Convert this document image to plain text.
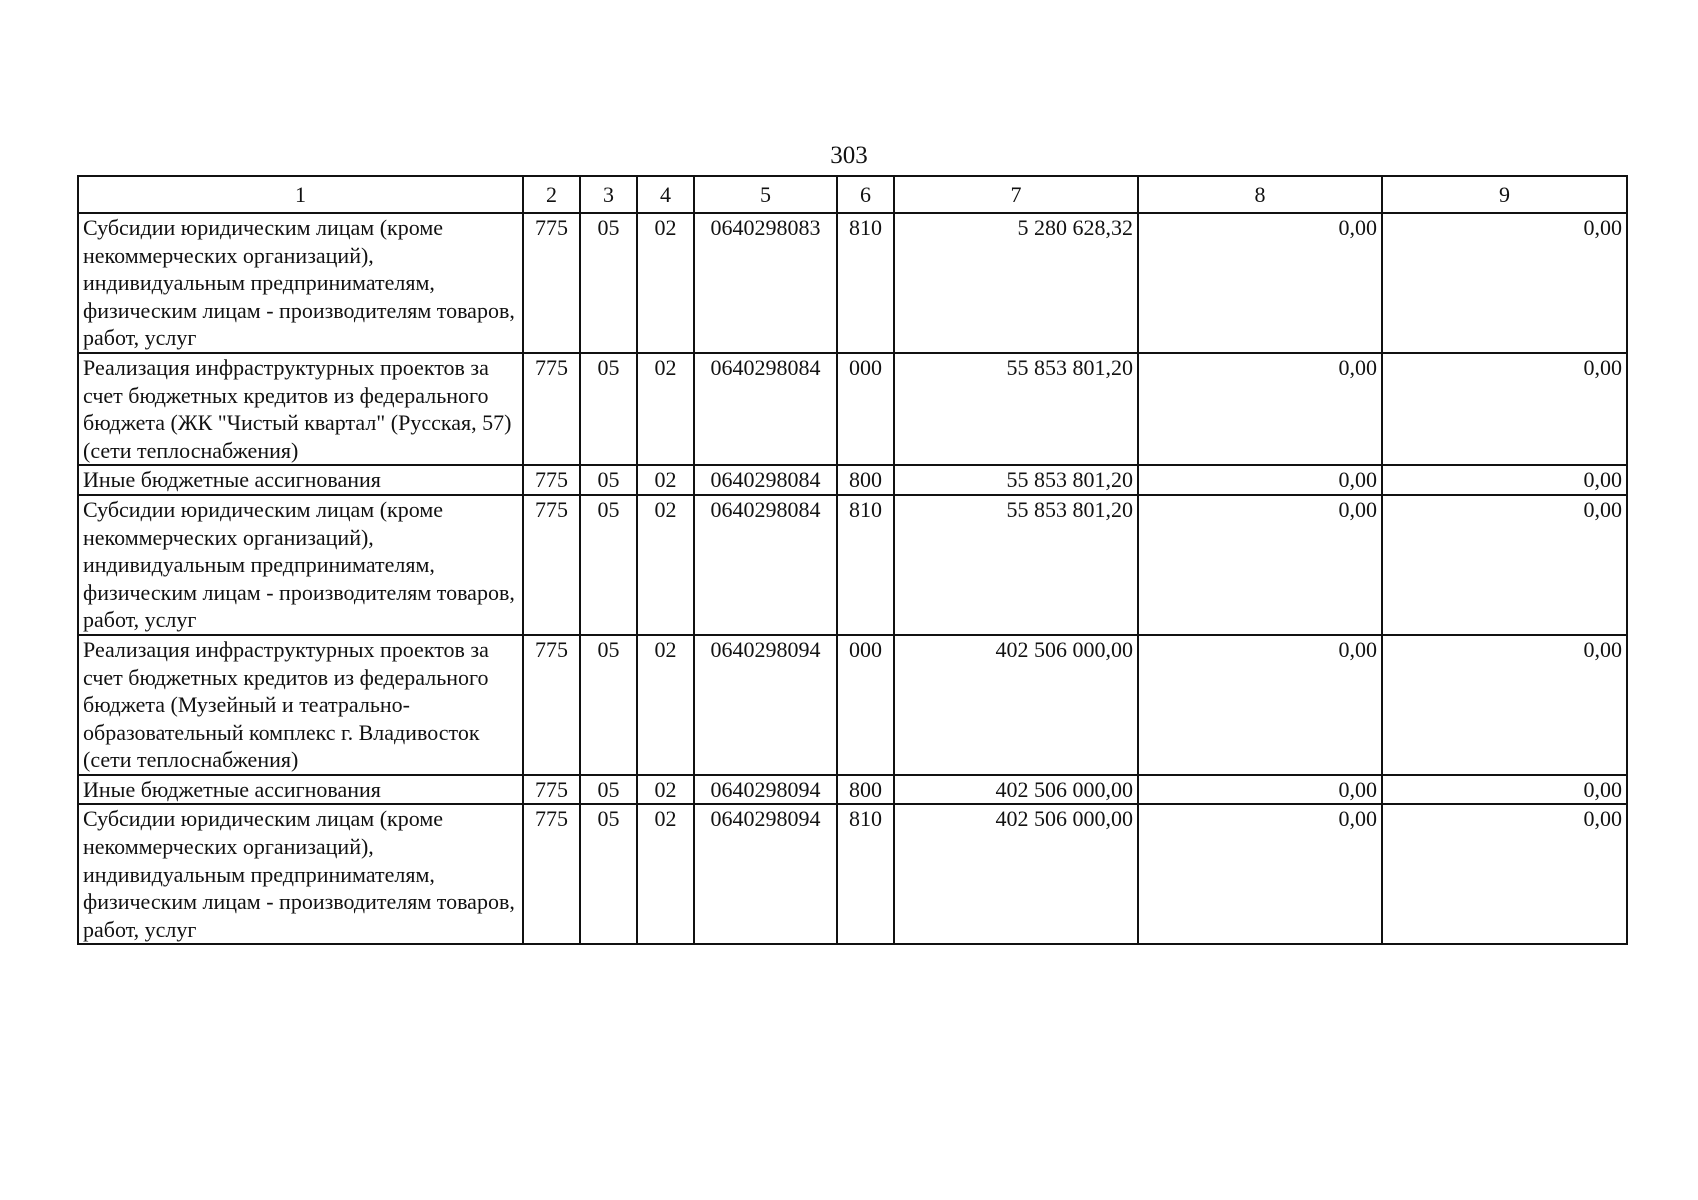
303
1	2	3	4	5	6	7	8	9
Субсидии юридическим лицам (кроме некоммерческих организаций), индивидуальным предпринимателям, физическим лицам - производителям товаров, работ, услуг	775	05	02	0640298083	810	5 280 628,32	0,00	0,00
Реализация инфраструктурных проектов за счет бюджетных кредитов из федерального бюджета (ЖК "Чистый квартал" (Русская, 57) (сети теплоснабжения)	775	05	02	0640298084	000	55 853 801,20	0,00	0,00
Иные бюджетные ассигнования	775	05	02	0640298084	800	55 853 801,20	0,00	0,00
Субсидии юридическим лицам (кроме некоммерческих организаций), индивидуальным предпринимателям, физическим лицам - производителям товаров, работ, услуг	775	05	02	0640298084	810	55 853 801,20	0,00	0,00
Реализация инфраструктурных проектов за счет бюджетных кредитов из федерального бюджета (Музейный и театрально-образовательный комплекс г. Владивосток (сети теплоснабжения)	775	05	02	0640298094	000	402 506 000,00	0,00	0,00
Иные бюджетные ассигнования	775	05	02	0640298094	800	402 506 000,00	0,00	0,00
Субсидии юридическим лицам (кроме некоммерческих организаций), индивидуальным предпринимателям, физическим лицам - производителям товаров, работ, услуг	775	05	02	0640298094	810	402 506 000,00	0,00	0,00
